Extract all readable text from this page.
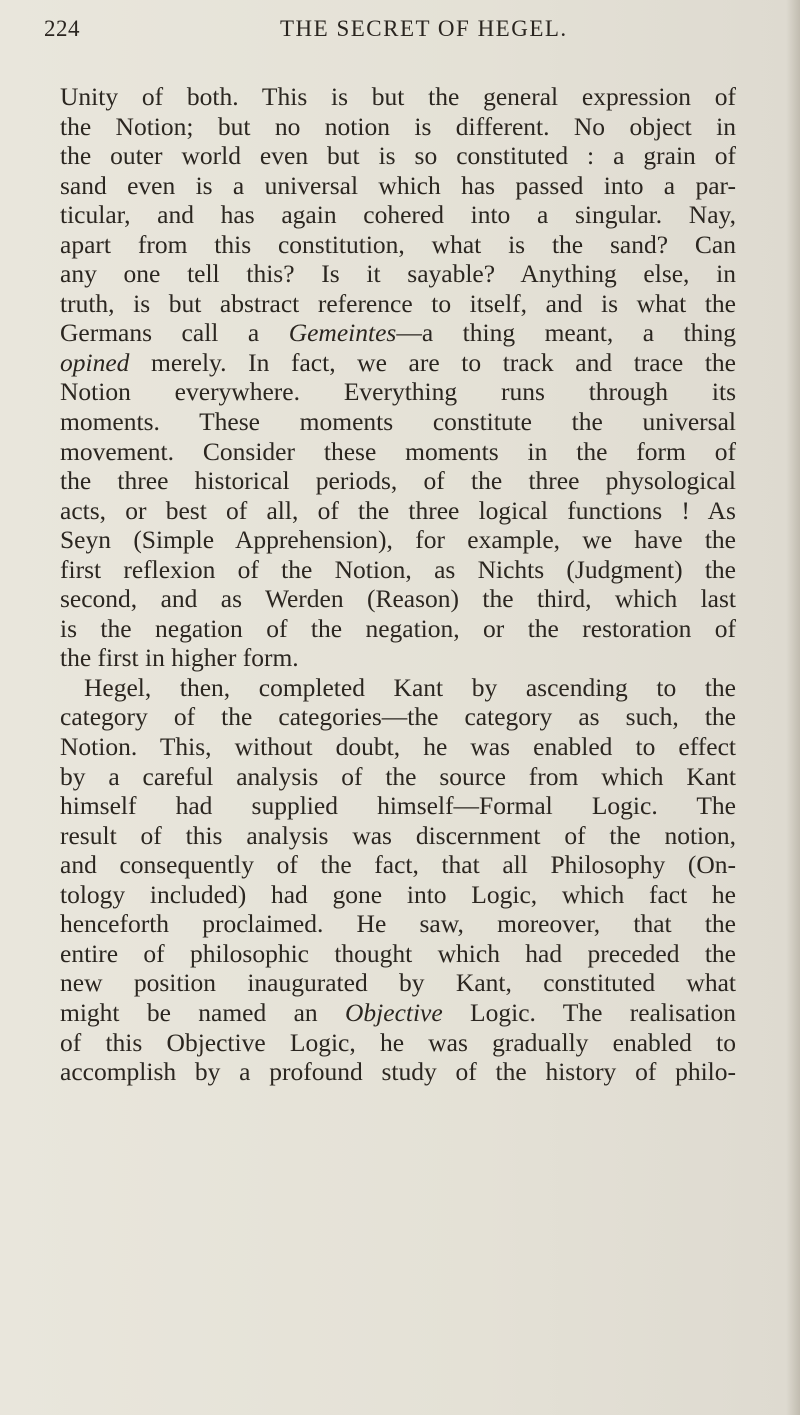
224	THE SECRET OF HEGEL.
Unity of both. This is but the general expression of
the Notion; but no notion is different. No object in
the outer world even but is so constituted : a grain of
sand even is a universal which has passed into a par-
ticular, and has again cohered into a singular. Nay,
apart from this constitution, what is the sand? Can
any one tell this? Is it sayable? Anything else, in
truth, is but abstract reference to itself, and is what the
Germans call a Gemeintes—a thing meant, a thing
opined merely. In fact, we are to track and trace the
Notion everywhere. Everything runs through its
moments. These moments constitute the universal
movement. Consider these moments in the form of
the three historical periods, of the three physological
acts, or best of all, of the three logical functions ! As
Seyn (Simple Apprehension), for example, we have the
first reflexion of the Notion, as Nichts (Judgment) the
second, and as Werden (Reason) the third, which last
is the negation of the negation, or the restoration of
the first in higher form.
Hegel, then, completed Kant by ascending to the
category of the categories—the category as such, the
Notion. This, without doubt, he was enabled to effect
by a careful analysis of the source from which Kant
himself had supplied himself—Formal Logic. The
result of this analysis was discernment of the notion,
and consequently of the fact, that all Philosophy (On-
tology included) had gone into Logic, which fact he
henceforth proclaimed. He saw, moreover, that the
entire of philosophic thought which had preceded the
new position inaugurated by Kant, constituted what
might be named an Objective Logic. The realisation
of this Objective Logic, he was gradually enabled to
accomplish by a profound study of the history of philo-
